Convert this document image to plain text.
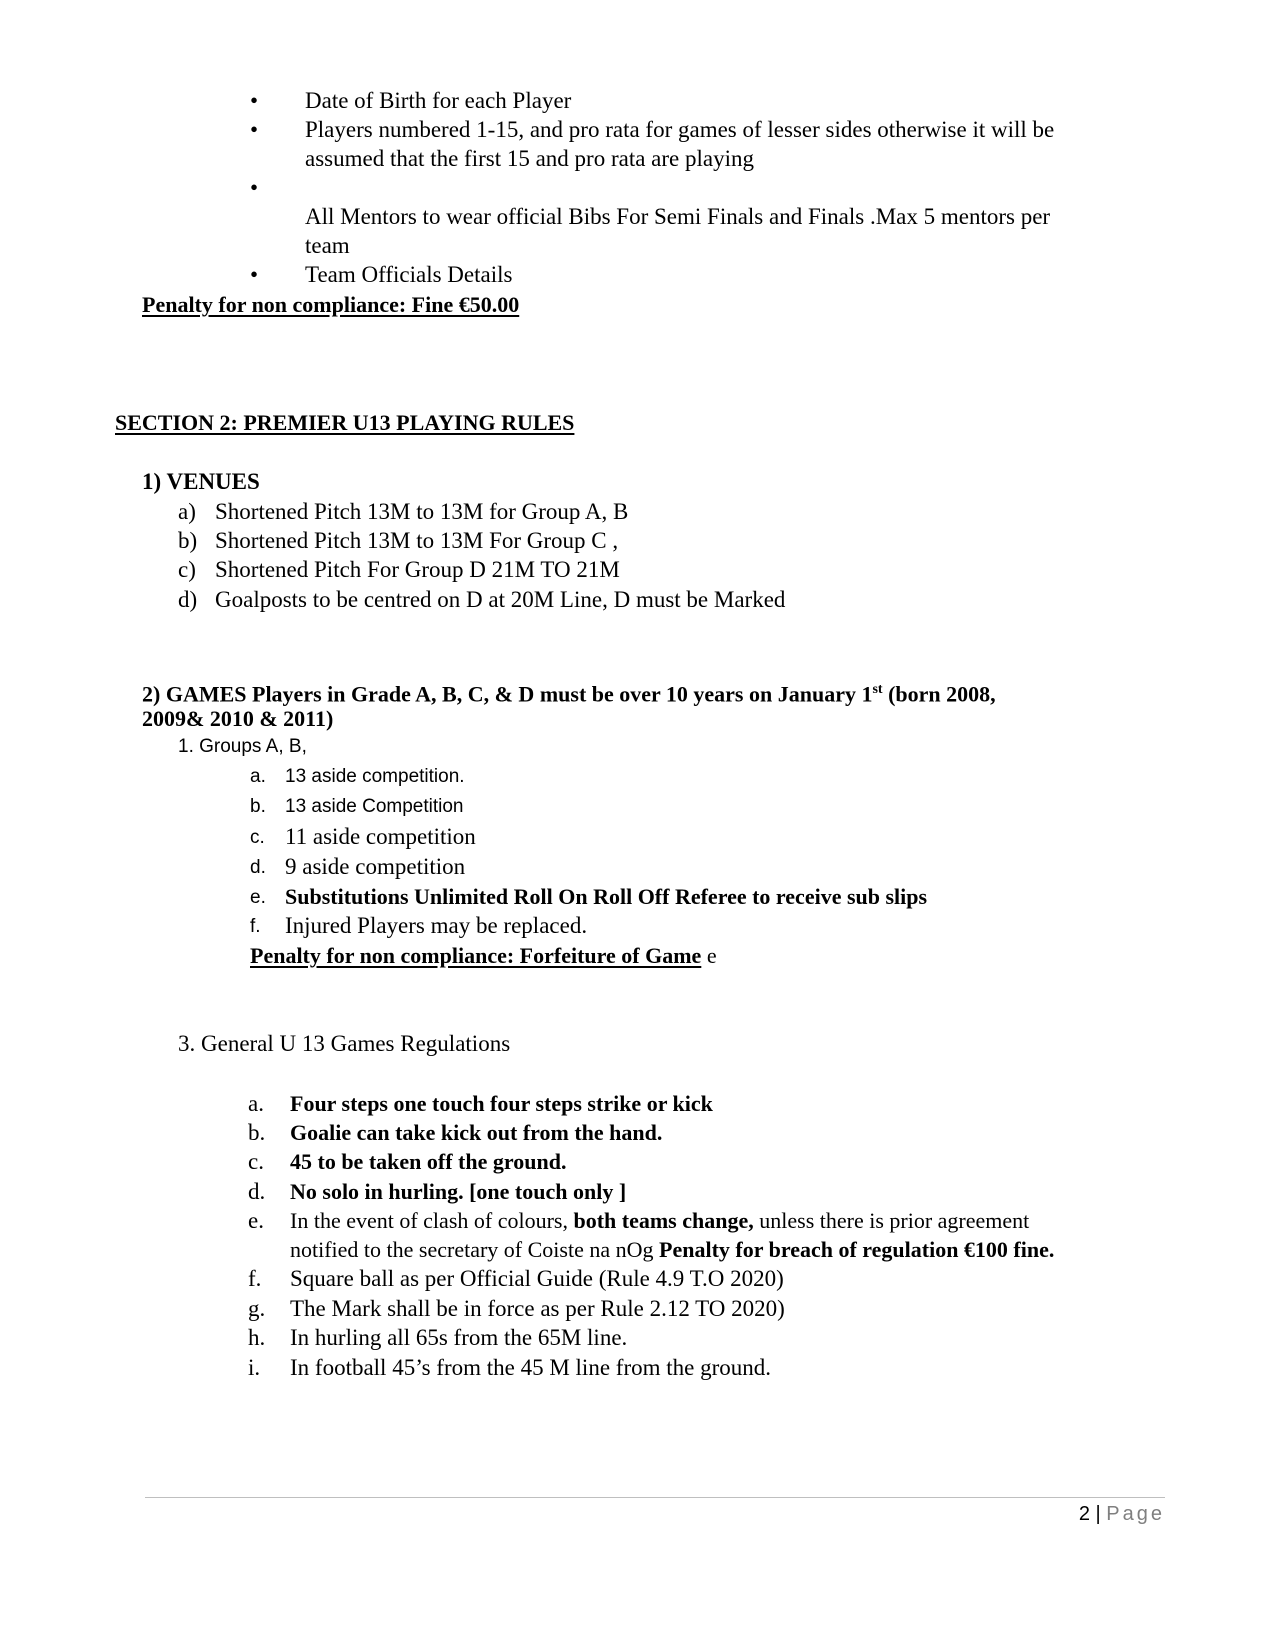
• Date of Birth for each Player
• Players numbered 1-15, and pro rata for games of lesser sides otherwise it will be
assumed that the first 15 and pro rata are playing
•
All Mentors to wear official Bibs For Semi Finals and Finals .Max 5 mentors per
team
• Team Officials Details
Penalty for non compliance: Fine €50.00
SECTION 2: PREMIER U13 PLAYING RULES
1) VENUES
a) Shortened Pitch 13M to 13M for Group A, B
b) Shortened Pitch 13M to 13M For Group C ,
c) Shortened Pitch For Group D 21M TO 21M
d) Goalposts to be centred on D at 20M Line, D must be Marked
2) GAMES Players in Grade A, B, C, & D must be over 10 years on January 1st (born 2008,
2009& 2010 & 2011)
1. Groups A, B,
a. 13 aside competition.
b. 13 aside Competition
c. 11 aside competition
d. 9 aside competition
e. Substitutions Unlimited Roll On Roll Off Referee to receive sub slips
f. Injured Players may be replaced.
Penalty for non compliance: Forfeiture of Game e
3. General U 13 Games Regulations
a. Four steps one touch four steps strike or kick
b. Goalie can take kick out from the hand.
c. 45 to be taken off the ground.
d. No solo in hurling. [one touch only ]
e. In the event of clash of colours, both teams change, unless there is prior agreement
notified to the secretary of Coiste na nOg Penalty for breach of regulation €100 fine.
f. Square ball as per Official Guide (Rule 4.9 T.O 2020)
g. The Mark shall be in force as per Rule 2.12 TO 2020)
h. In hurling all 65s from the 65M line.
i. In football 45’s from the 45 M line from the ground.
2 | Page
